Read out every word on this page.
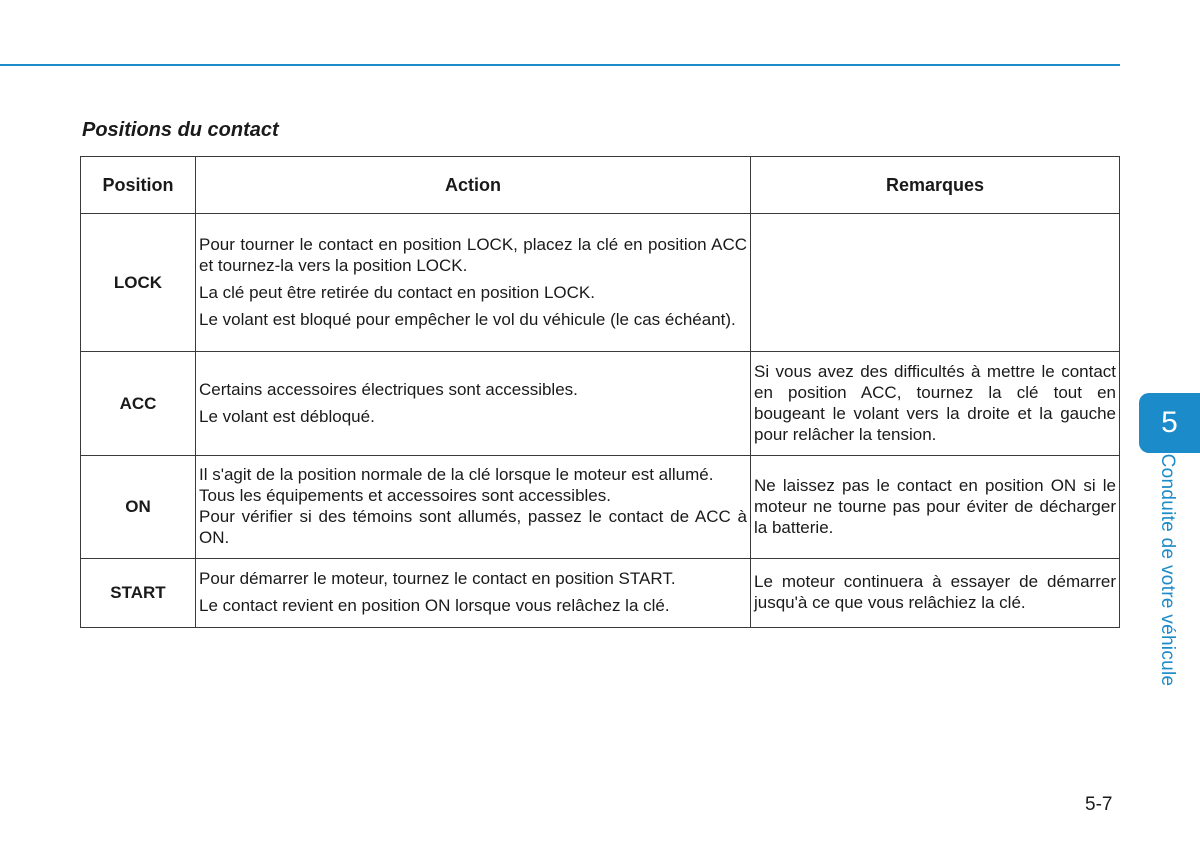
Positions du contact
Position	Action	Remarques
LOCK	Pour tourner le contact en position LOCK, placez la clé en position ACC et tournez-la vers la position LOCK.

La clé peut être retirée du contact en position LOCK.

Le volant est bloqué pour empêcher le vol du véhicule (le cas échéant).	

ACC	Certains accessoires électriques sont accessibles.

Le volant est débloqué.	Si vous avez des difficultés à mettre le contact en position ACC, tournez la clé tout en bougeant le volant vers la droite et la gauche pour relâcher la tension.
ON	Il s'agit de la position normale de la clé lorsque le moteur est allumé.

Tous les équipements et accessoires sont accessibles.

Pour vérifier si des témoins sont allumés, passez le contact de ACC à ON.	Ne laissez pas le contact en position ON si le moteur ne tourne pas pour éviter de décharger la batterie.
START	Pour démarrer le moteur, tournez le contact en position START.

Le contact revient en position ON lorsque vous relâchez la clé.	Le moteur continuera à essayer de démarrer jusqu'à ce que vous relâchiez la clé.
5
Conduite de votre véhicule
5-7
